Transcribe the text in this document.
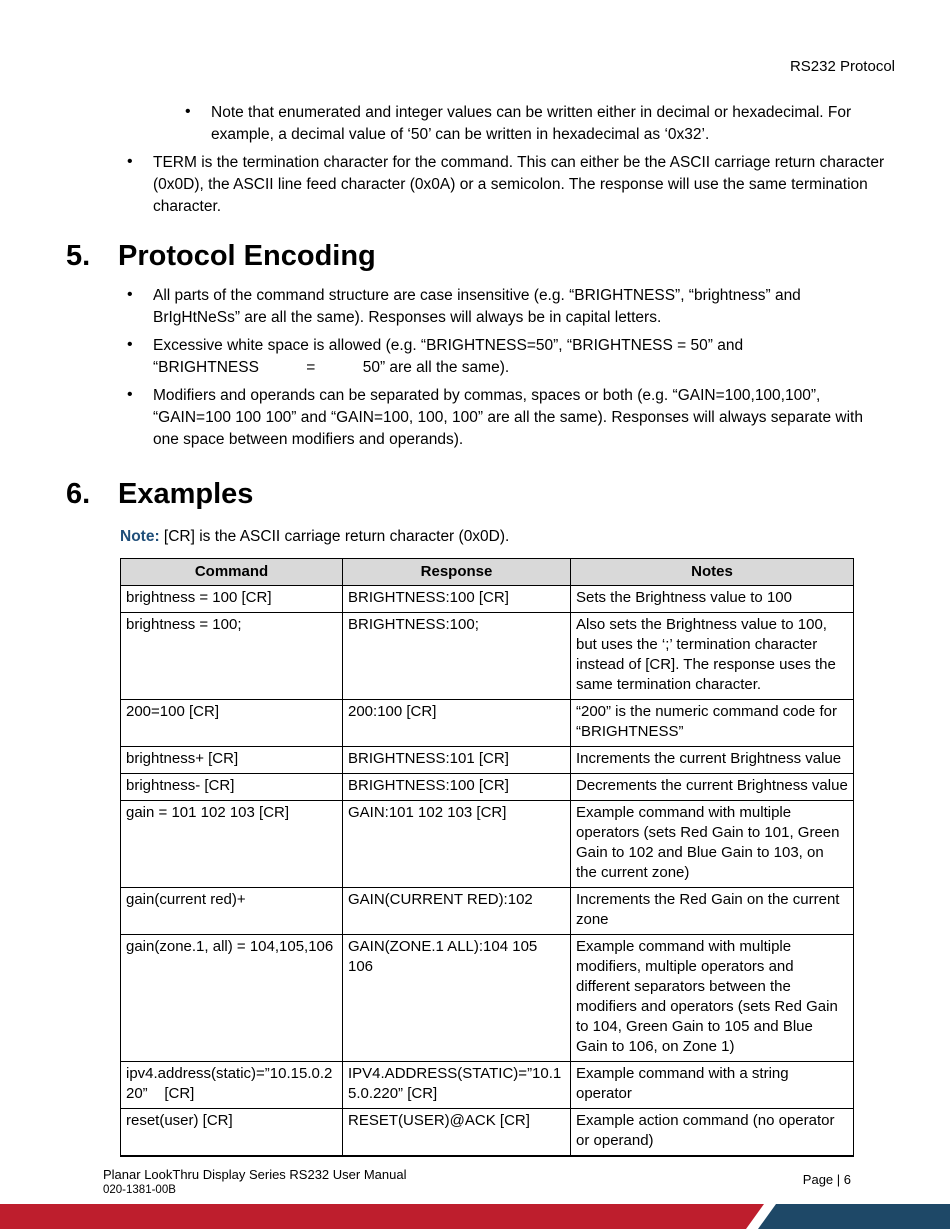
RS232 Protocol
• Note that enumerated and integer values can be written either in decimal or hexadecimal. For example, a decimal value of ‘50’ can be written in hexadecimal as ‘0x32’.
• TERM is the termination character for the command. This can either be the ASCII carriage return character (0x0D), the ASCII line feed character (0x0A) or a semicolon. The response will use the same termination character.
5. Protocol Encoding
• All parts of the command structure are case insensitive (e.g. “BRIGHTNESS”, “brightness” and BrIgHtNeSs” are all the same). Responses will always be in capital letters.
• Excessive white space is allowed (e.g. “BRIGHTNESS=50”, “BRIGHTNESS = 50” and “BRIGHTNESS           =           50” are all the same).
• Modifiers and operands can be separated by commas, spaces or both (e.g. “GAIN=100,100,100”, “GAIN=100 100 100” and “GAIN=100, 100, 100” are all the same). Responses will always separate with one space between modifiers and operands).
6. Examples
Note: [CR] is the ASCII carriage return character (0x0D).
Command	Response	Notes
brightness = 100 [CR]	BRIGHTNESS:100 [CR]	Sets the Brightness value to 100
brightness = 100;	BRIGHTNESS:100;	Also sets the Brightness value to 100, but uses the ‘;’ termination character instead of [CR]. The response uses the same termination character.
200=100 [CR]	200:100 [CR]	“200” is the numeric command code for “BRIGHTNESS”
brightness+ [CR]	BRIGHTNESS:101 [CR]	Increments the current Brightness value
brightness- [CR]	BRIGHTNESS:100 [CR]	Decrements the current Brightness value
gain = 101 102 103 [CR]	GAIN:101 102 103 [CR]	Example command with multiple operators (sets Red Gain to 101, Green Gain to 102 and Blue Gain to 103, on the current zone)
gain(current red)+	GAIN(CURRENT RED):102	Increments the Red Gain on the current zone
gain(zone.1, all) = 104,105,106	GAIN(ZONE.1 ALL):104 105 106	Example command with multiple modifiers, multiple operators and different separators between the modifiers and operators (sets Red Gain to 104, Green Gain to 105 and Blue Gain to 106, on Zone 1)
ipv4.address(static)=”10.15.0.220”    [CR]	IPV4.ADDRESS(STATIC)=”10.15.0.220” [CR]	Example command with a string operator
reset(user) [CR]	RESET(USER)@ACK [CR]	Example action command (no operator or operand)
Planar LookThru Display Series RS232 User Manual
020-1381-00B
Page | 6
